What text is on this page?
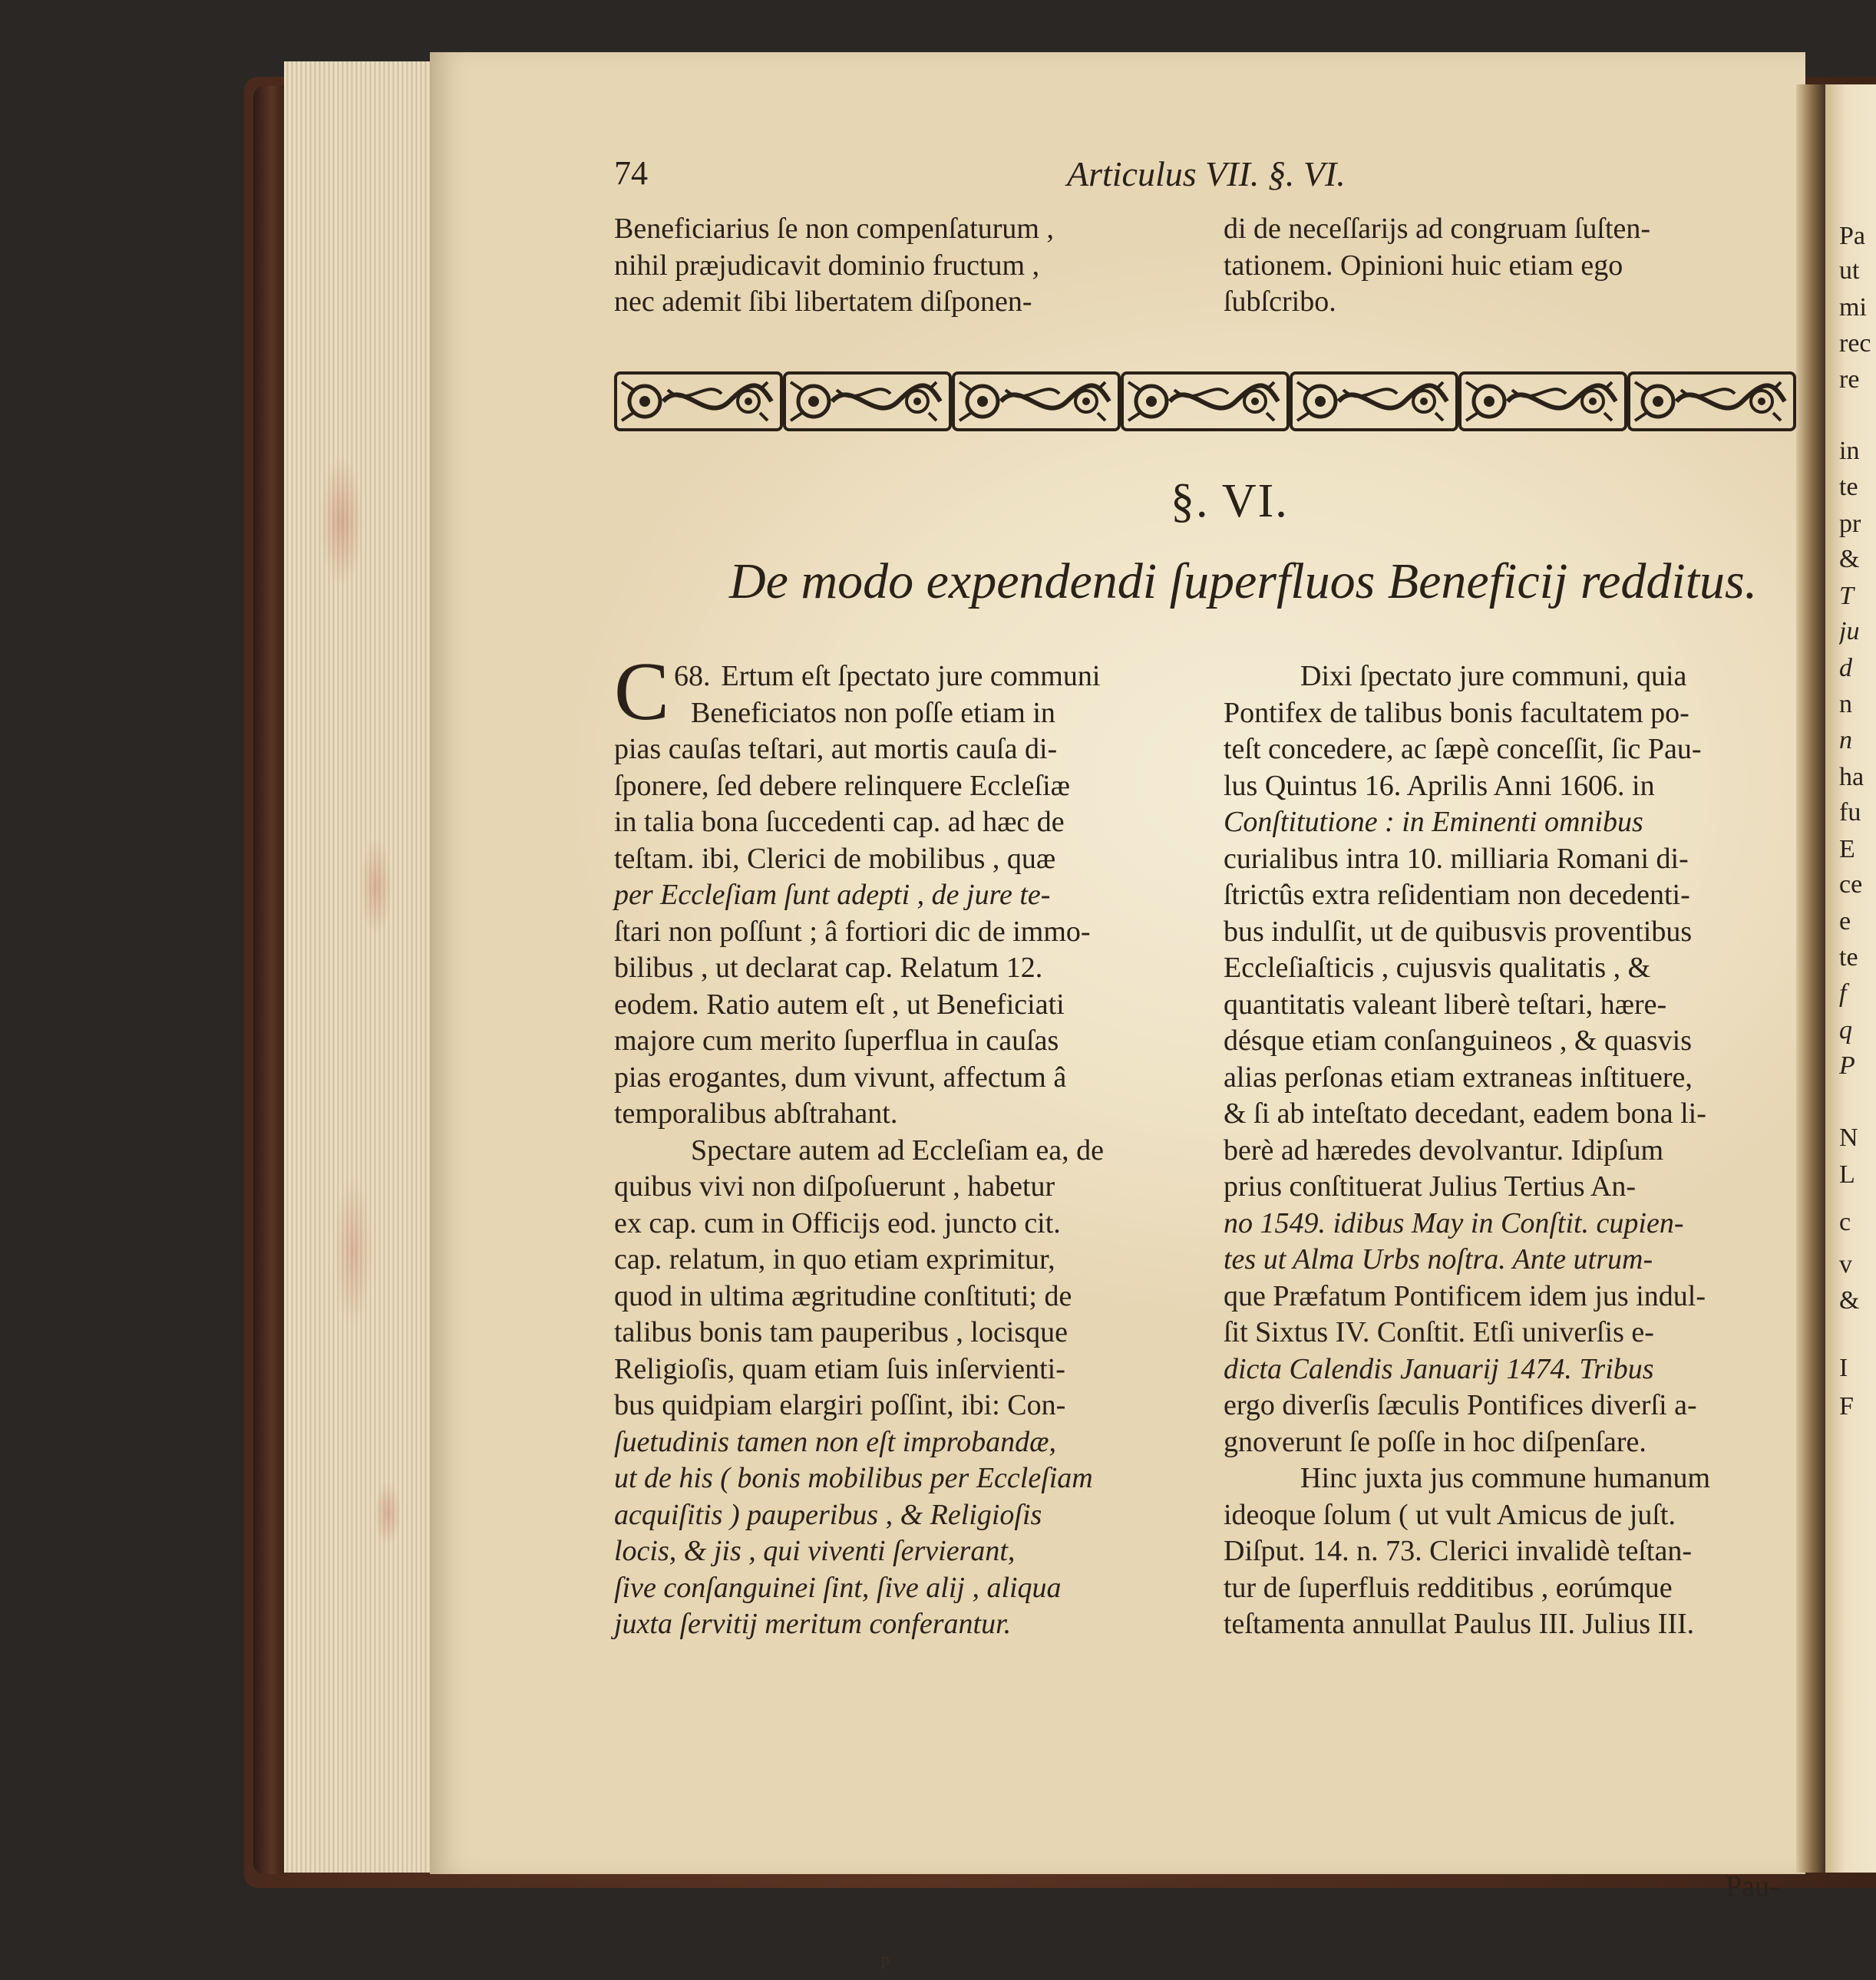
74	Articulus VII. §. VI.

Beneficiarius ſe non compenſaturum ,

nihil præjudicavit dominio fructum ,

nec ademit ſibi libertatem diſponen-

di de neceſſarijs ad congruam ſuſten-

tationem. Opinioni huic etiam ego

ſubſcribo.

§. VI.
De modo expendendi ſuperfluos Beneficij redditus.

68.
C Ertum eſt ſpectato jure communi

Beneficiatos non poſſe etiam in

pias cauſas teſtari, aut mortis cauſa di-

ſponere, ſed debere relinquere Eccleſiæ

in talia bona ſuccedenti cap. ad hæc de

teſtam. ibi, Clerici de mobilibus , quæ

per Eccleſiam ſunt adepti , de jure te-

ſtari non poſſunt ; â fortiori dic de immo-

bilibus , ut declarat cap. Relatum 12.

eodem. Ratio autem eſt , ut Beneficiati

majore cum merito ſuperflua in cauſas

pias erogantes, dum vivunt, affectum â

temporalibus abſtrahant.

Spectare autem ad Eccleſiam ea, de

quibus vivi non diſpoſuerunt , habetur

ex cap. cum in Officijs eod. juncto cit.

cap. relatum, in quo etiam exprimitur,

quod in ultima ægritudine conſtituti; de

talibus bonis tam pauperibus , locisque

Religioſis, quam etiam ſuis inſervienti-

bus quidpiam elargiri poſſint, ibi: Con-

ſuetudinis tamen non eſt improbandæ,

ut de his ( bonis mobilibus per Eccleſiam

acquiſitis ) pauperibus , & Religioſis

locis, & jis , qui viventi ſervierant,

ſive conſanguinei ſint, ſive alij , aliqua

juxta ſervitij meritum conferantur.

Dixi ſpectato jure communi, quia

Pontifex de talibus bonis facultatem po-

teſt concedere, ac ſæpè conceſſit, ſic Pau-

lus Quintus 16. Aprilis Anni 1606. in

Conſtitutione : in Eminenti omnibus

curialibus intra 10. milliaria Romani di-

ſtrictûs extra reſidentiam non decedenti-

bus indulſit, ut de quibusvis proventibus

Eccleſiaſticis , cujusvis qualitatis , &

quantitatis valeant liberè teſtari, hære-

désque etiam conſanguineos , & quasvis

alias perſonas etiam extraneas inſtituere,

& ſi ab inteſtato decedant, eadem bona li-

berè ad hæredes devolvantur. Idipſum

prius conſtituerat Julius Tertius An-

no 1549. idibus May in Conſtit. cupien-

tes ut Alma Urbs noſtra. Ante utrum-

que Præfatum Pontificem idem jus indul-

ſit Sixtus IV. Conſtit. Etſi univerſis e-

dicta Calendis Januarij 1474. Tribus

ergo diverſis ſæculis Pontifices diverſi a-

gnoverunt ſe poſſe in hoc diſpenſare.

Hinc juxta jus commune humanum

ideoque ſolum ( ut vult Amicus de juſt.

Diſput. 14. n. 73. Clerici invalidè teſtan-

tur de ſuperfluis redditibus , eorúmque

teſtamenta annullat Paulus III. Julius III.

Pau-
Pa
ut
mi
rec
re
in
te
pr
&
T
ju
d
n
n
ha
fu
E
ce
e
te
f
q
P
N
L
c
v
&
I
F
p
